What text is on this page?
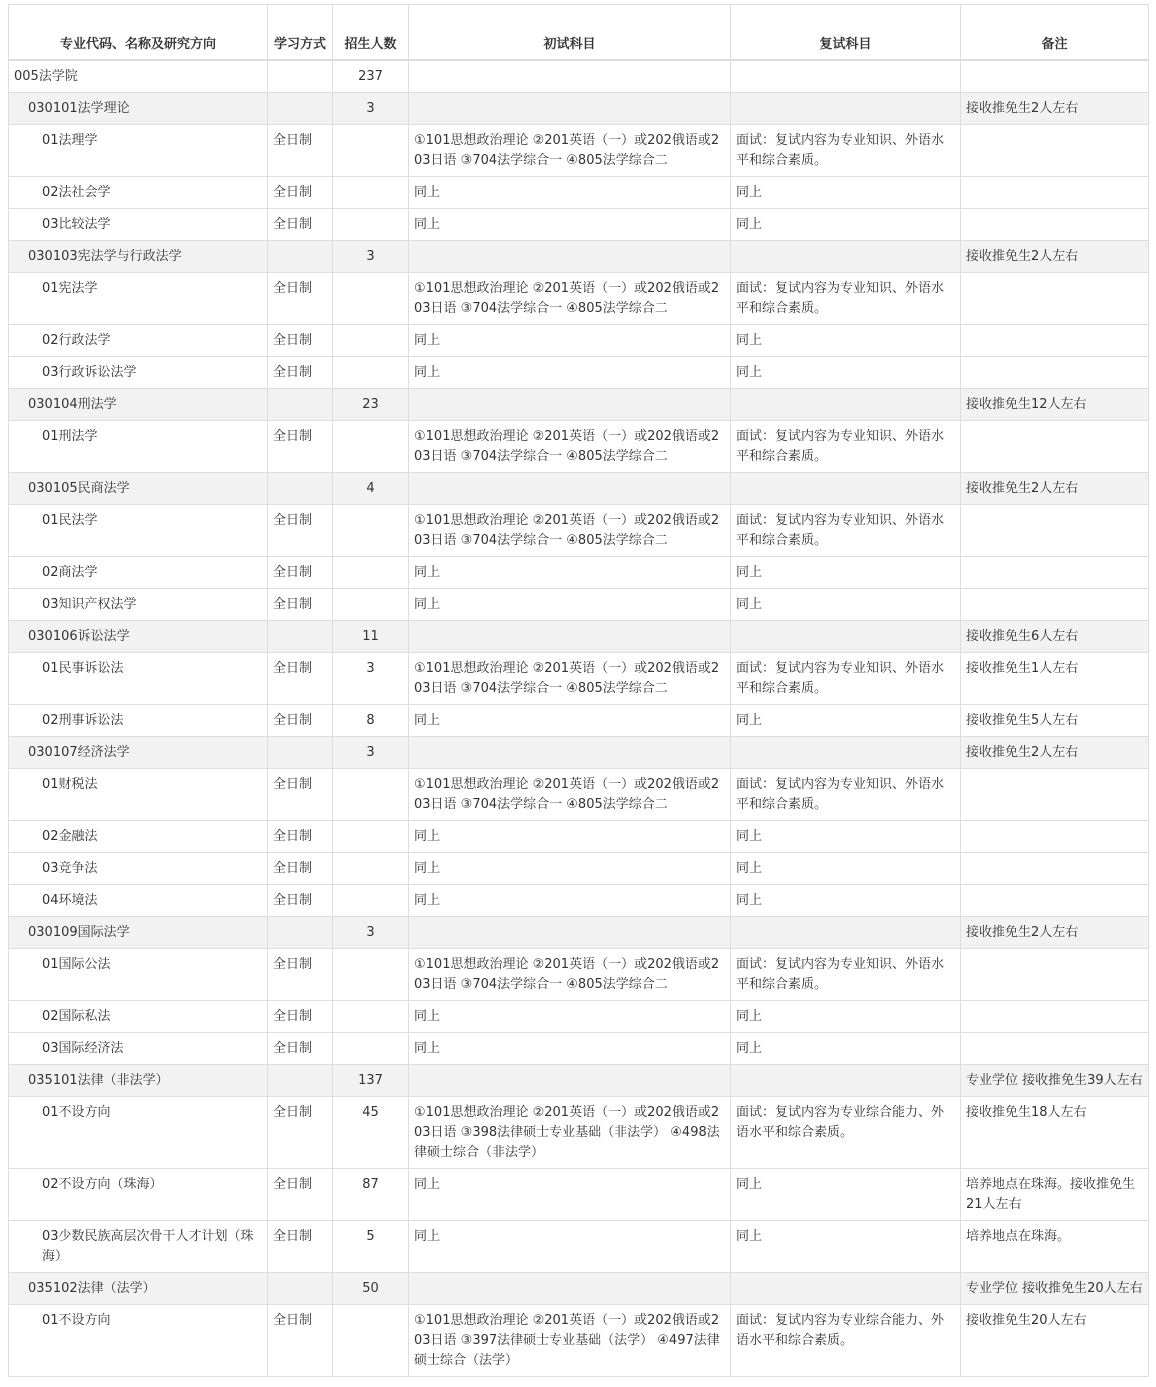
专业代码、名称及研究方向	学习方式	招生人数	初试科目	复试科目	备注
005法学院		237			
030101法学理论		3			接收推免生2人左右
01法理学	全日制		①101思想政治理论 ②201英语（一）或202俄语或203日语 ③704法学综合一 ④805法学综合二	面试：复试内容为专业知识、外语水平和综合素质。	
02法社会学	全日制		同上	同上	
03比较法学	全日制		同上	同上	
030103宪法学与行政法学		3			接收推免生2人左右
01宪法学	全日制		①101思想政治理论 ②201英语（一）或202俄语或203日语 ③704法学综合一 ④805法学综合二	面试：复试内容为专业知识、外语水平和综合素质。	
02行政法学	全日制		同上	同上	
03行政诉讼法学	全日制		同上	同上	
030104刑法学		23			接收推免生12人左右
01刑法学	全日制		①101思想政治理论 ②201英语（一）或202俄语或203日语 ③704法学综合一 ④805法学综合二	面试：复试内容为专业知识、外语水平和综合素质。	
030105民商法学		4			接收推免生2人左右
01民法学	全日制		①101思想政治理论 ②201英语（一）或202俄语或203日语 ③704法学综合一 ④805法学综合二	面试：复试内容为专业知识、外语水平和综合素质。	
02商法学	全日制		同上	同上	
03知识产权法学	全日制		同上	同上	
030106诉讼法学		11			接收推免生6人左右
01民事诉讼法	全日制	3	①101思想政治理论 ②201英语（一）或202俄语或203日语 ③704法学综合一 ④805法学综合二	面试：复试内容为专业知识、外语水平和综合素质。	接收推免生1人左右
02刑事诉讼法	全日制	8	同上	同上	接收推免生5人左右
030107经济法学		3			接收推免生2人左右
01财税法	全日制		①101思想政治理论 ②201英语（一）或202俄语或203日语 ③704法学综合一 ④805法学综合二	面试：复试内容为专业知识、外语水平和综合素质。	
02金融法	全日制		同上	同上	
03竞争法	全日制		同上	同上	
04环境法	全日制		同上	同上	
030109国际法学		3			接收推免生2人左右
01国际公法	全日制		①101思想政治理论 ②201英语（一）或202俄语或203日语 ③704法学综合一 ④805法学综合二	面试：复试内容为专业知识、外语水平和综合素质。	
02国际私法	全日制		同上	同上	
03国际经济法	全日制		同上	同上	
035101法律（非法学）		137			专业学位 接收推免生39人左右
01不设方向	全日制	45	①101思想政治理论 ②201英语（一）或202俄语或203日语 ③398法律硕士专业基础（非法学） ④498法律硕士综合（非法学）	面试：复试内容为专业综合能力、外语水平和综合素质。	接收推免生18人左右
02不设方向（珠海）	全日制	87	同上	同上	培养地点在珠海。接收推免生21人左右
03少数民族高层次骨干人才计划（珠海）	全日制	5	同上	同上	培养地点在珠海。
035102法律（法学）		50			专业学位 接收推免生20人左右
01不设方向	全日制		①101思想政治理论 ②201英语（一）或202俄语或203日语 ③397法律硕士专业基础（法学） ④497法律硕士综合（法学）	面试：复试内容为专业综合能力、外语水平和综合素质。	接收推免生20人左右
